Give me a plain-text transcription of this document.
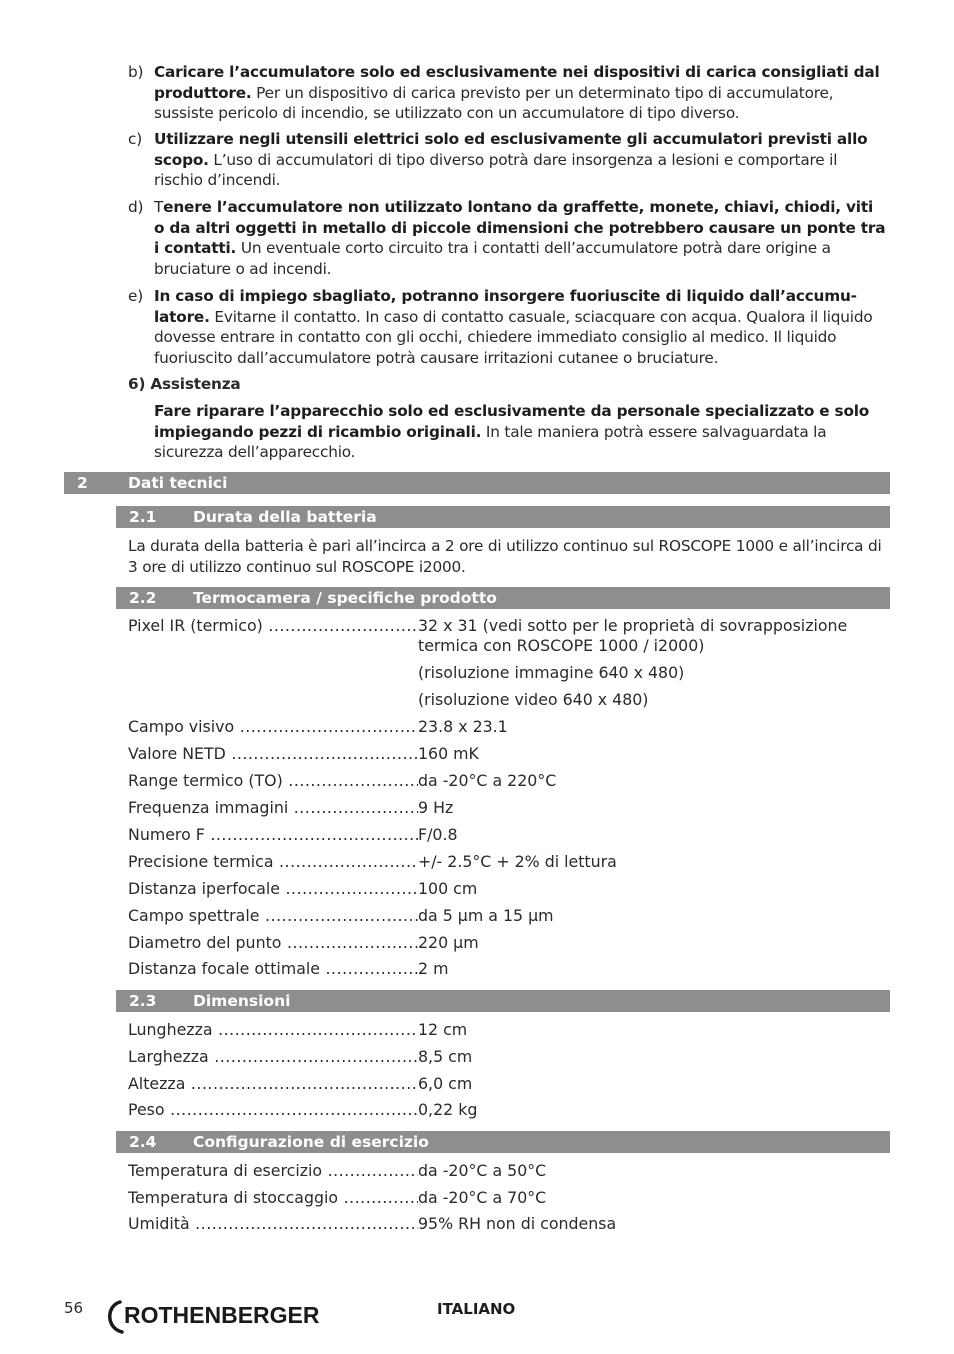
b) Caricare l’accumulatore solo ed esclusivamente nei dispositivi di carica consigliati dal produttore. Per un dispositivo di carica previsto per un determinato tipo di accumulatore, sussiste pericolo di incendio, se utilizzato con un accumulatore di tipo diverso.
c) Utilizzare negli utensili elettrici solo ed esclusivamente gli accumulatori previsti allo scopo. L’uso di accumulatori di tipo diverso potrà dare insorgenza a lesioni e comportare il rischio d’incendi.
d) Tenere l’accumulatore non utilizzato lontano da graffette, monete, chiavi, chiodi, viti o da altri oggetti in metallo di piccole dimensioni che potrebbero causare un ponte tra i contatti. Un eventuale corto circuito tra i contatti dell’accumulatore potrà dare origine a bruciature o ad incendi.
e) In caso di impiego sbagliato, potranno insorgere fuoriuscite di liquido dall’accumu-latore. Evitarne il contatto. In caso di contatto casuale, sciacquare con acqua. Qualora il liquido dovesse entrare in contatto con gli occhi, chiedere immediato consiglio al medico. Il liquido fuoriuscito dall’accumulatore potrà causare irritazioni cutanee o bruciature.
6) Assistenza
Fare riparare l’apparecchio solo ed esclusivamente da personale specializzato e solo impiegando pezzi di ricambio originali. In tale maniera potrà essere salvaguardata la sicurezza dell’apparecchio.
2	Dati tecnici
2.1 Durata della batteria
La durata della batteria è pari all’incirca a 2 ore di utilizzo continuo sul ROSCOPE 1000 e all’incirca di 3 ore di utilizzo continuo sul ROSCOPE i2000.
2.2 Termocamera / specifiche prodotto
Pixel IR (termico) .....	32 x 31 (vedi sotto per le proprietà di sovrapposizione
termica con ROSCOPE 1000 / i2000)
(risoluzione immagine 640 x 480)
(risoluzione video 640 x 480)
Campo visivo .....	23.8 x 23.1
Valore NETD .....	160 mK
Range termico (TO) .....	da -20°C a 220°C
Frequenza immagini .....	9 Hz
Numero F .....	F/0.8
Precisione termica .....	+/- 2.5°C + 2% di lettura
Distanza iperfocale .....	100 cm
Campo spettrale .....	da 5 µm a 15 µm
Diametro del punto .....	220 µm
Distanza focale ottimale .....	2 m
2.3 Dimensioni
Lunghezza .....	12 cm
Larghezza .....	8,5 cm
Altezza .....	6,0 cm
Peso .....	0,22 kg
2.4 Configurazione di esercizio
Temperatura di esercizio .....	da -20°C a 50°C
Temperatura di stoccaggio .....	da -20°C a 70°C
Umidità .....	95% RH non di condensa
56 ROTHENBERGER	ITALIANO
